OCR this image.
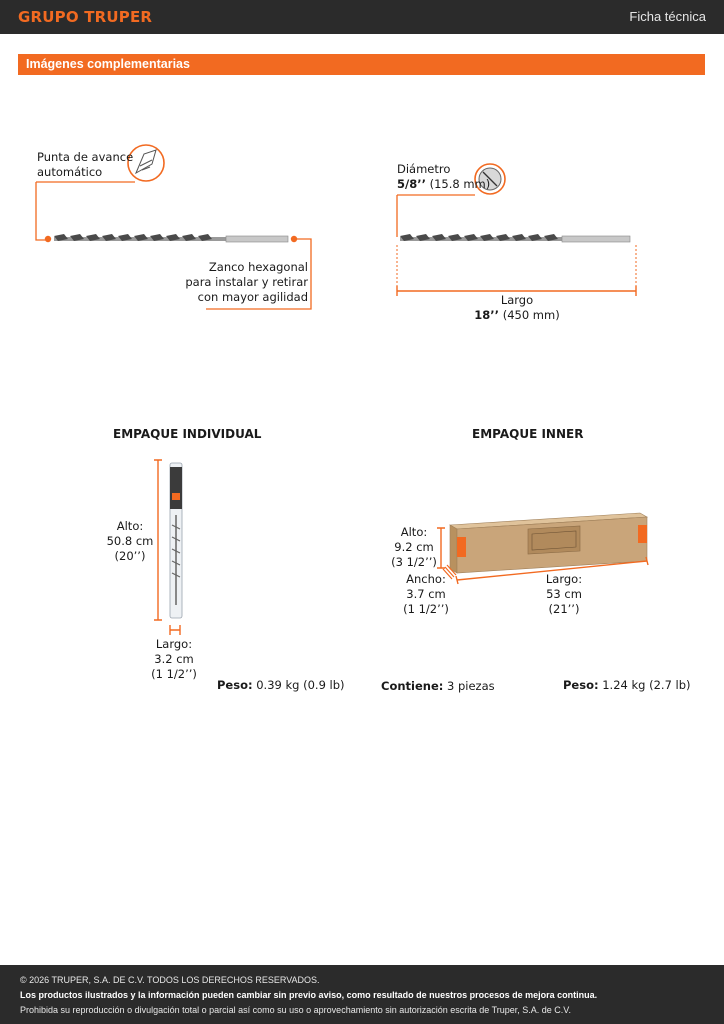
GRUPO TRUPER	Ficha técnica
Imágenes complementarias
Punta de avance
automático
Zanco hexagonal
para instalar y retirar
con mayor agilidad
Diámetro
5/8’’ (15.8 mm)
Largo
18’’ (450 mm)
EMPAQUE INDIVIDUAL
Alto:
50.8 cm
(20’’)
Largo:
3.2 cm
(1 1/2’’)
Peso: 0.39 kg (0.9 lb)
EMPAQUE INNER
Alto:
9.2 cm
(3 1/2’’)
Ancho:
3.7 cm
(1 1/2’’)
Largo:
53 cm
(21’’)
Contiene: 3 piezas	Peso: 1.24 kg (2.7 lb)
© 2026 TRUPER, S.A. DE C.V. TODOS LOS DERECHOS RESERVADOS.
Los productos ilustrados y la información pueden cambiar sin previo aviso, como resultado de nuestros procesos de mejora continua.
Prohibida su reproducción o divulgación total o parcial así como su uso o aprovechamiento sin autorización escrita de Truper, S.A. de C.V.
